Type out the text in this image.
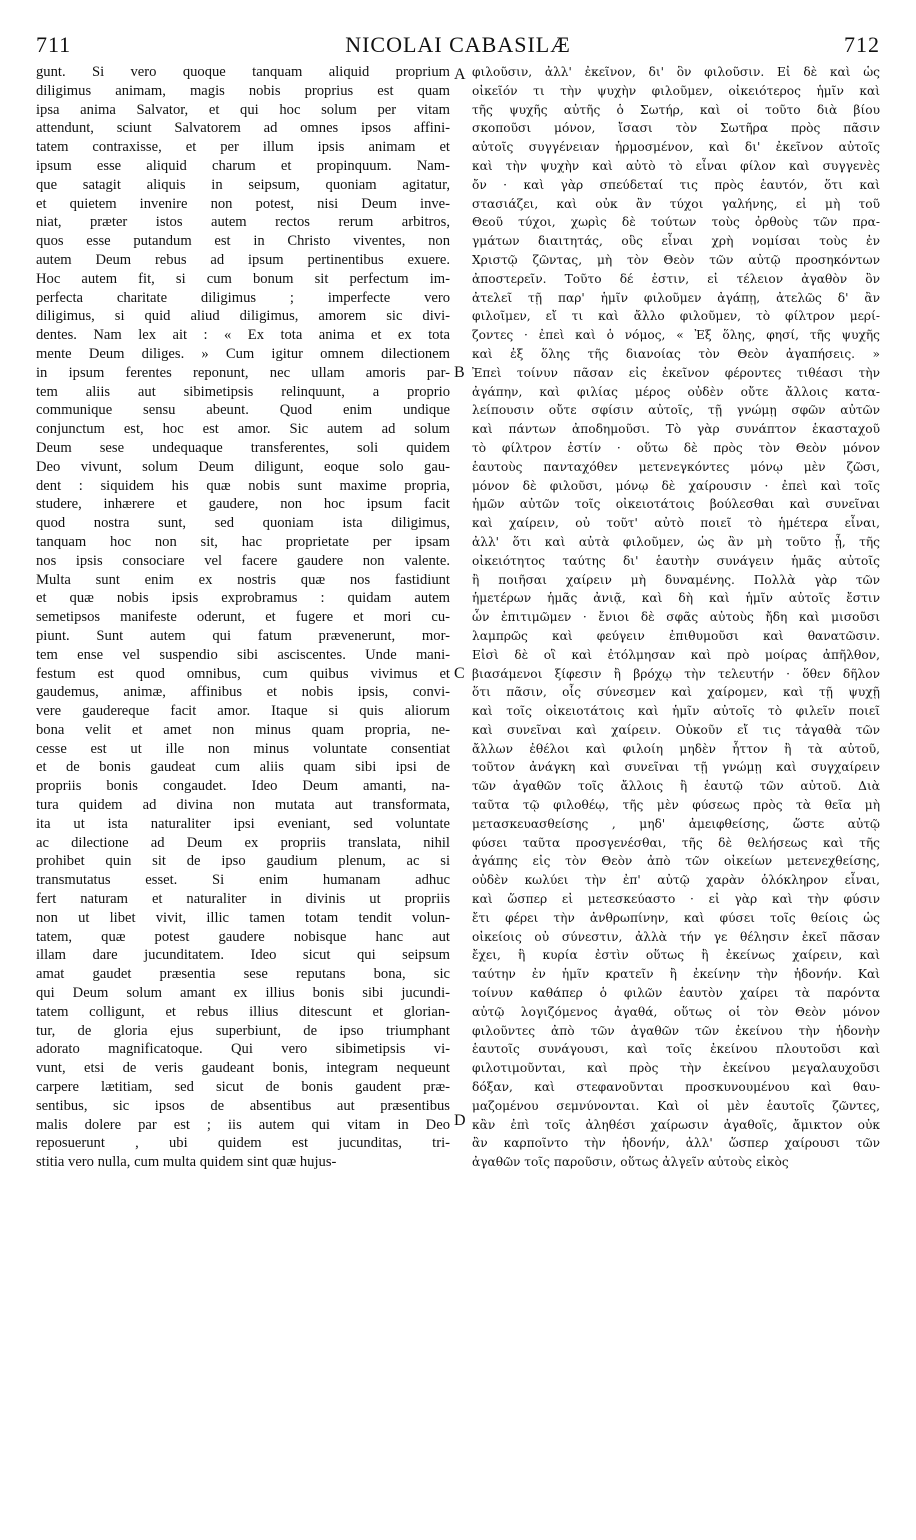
711	NICOLAI CABASILÆ	712
gunt. Si vero quoque tanquam aliquid proprium
diligimus animam, magis nobis proprius est quam
ipsa anima Salvator, et qui hoc solum per vitam
attendunt, sciunt Salvatorem ad omnes ipsos affini-
tatem contraxisse, et per illum ipsis animam et
ipsum esse aliquid charum et propinquum. Nam-
que satagit aliquis in seipsum, quoniam agitatur,
et quietem invenire non potest, nisi Deum inve-
niat, præter istos autem rectos rerum arbitros,
quos esse putandum est in Christo viventes, non
autem Deum rebus ad ipsum pertinentibus exuere.
Hoc autem fit, si cum bonum sit perfectum im-
perfecta charitate diligimus ; imperfecte vero
diligimus, si quid aliud diligimus, amorem sic divi-
dentes. Nam lex ait : « Ex tota anima et ex tota
mente Deum diliges. » Cum igitur omnem dilectionem
in ipsum ferentes reponunt, nec ullam amoris par-
tem aliis aut sibimetipsis relinquunt, a proprio
communique sensu abeunt. Quod enim undique
conjunctum est, hoc est amor. Sic autem ad solum
Deum sese undequaque transferentes, soli quidem
Deo vivunt, solum Deum diligunt, eoque solo gau-
dent : siquidem his quæ nobis sunt maxime propria,
studere, inhærere et gaudere, non hoc ipsum facit
quod nostra sunt, sed quoniam ista diligimus,
tanquam hoc non sit, hac proprietate per ipsam
nos ipsis consociare vel facere gaudere non valente.
Multa sunt enim ex nostris quæ nos fastidiunt
et quæ nobis ipsis exprobramus : quidam autem
semetipsos manifeste oderunt, et fugere et mori cu-
piunt. Sunt autem qui fatum prævenerunt, mor-
tem ense vel suspendio sibi asciscentes. Unde mani-
festum est quod omnibus, cum quibus vivimus et
gaudemus, animæ, affinibus et nobis ipsis, convi-
vere gaudereque facit amor. Itaque si quis aliorum
bona velit et amet non minus quam propria, ne-
cesse est ut ille non minus voluntate consentiat
et de bonis gaudeat cum aliis quam sibi ipsi de
propriis bonis congaudet. Ideo Deum amanti, na-
tura quidem ad divina non mutata aut transformata,
ita ut ista naturaliter ipsi eveniant, sed voluntate
ac dilectione ad Deum ex propriis translata, nihil
prohibet quin sit de ipso gaudium plenum, ac si
transmutatus esset. Si enim humanam adhuc
fert naturam et naturaliter in divinis ut propriis
non ut libet vivit, illic tamen totam tendit volun-
tatem, quæ potest gaudere nobisque hanc aut
illam dare jucunditatem. Ideo sicut qui seipsum
amat gaudet præsentia sese reputans bona, sic
qui Deum solum amant ex illius bonis sibi jucundi-
tatem colligunt, et rebus illius ditescunt et glorian-
tur, de gloria ejus superbiunt, de ipso triumphant
adorato magnificatoque. Qui vero sibimetipsis vi-
vunt, etsi de veris gaudeant bonis, integram nequeunt
carpere lætitiam, sed sicut de bonis gaudent præ-
sentibus, sic ipsos de absentibus aut præsentibus
malis dolere par est ; iis autem qui vitam in Deo
reposuerunt , ubi quidem est jucunditas, tri-
stitia vero nulla, cum multa quidem sint quæ hujus-
φιλοῦσιν, ἀλλ' ἐκεῖνον, δι' ὃν φιλοῦσιν. Εἰ δὲ καὶ ὡς
οἰκεῖόν τι τὴν ψυχὴν φιλοῦμεν, οἰκειότερος ἡμῖν καὶ
τῆς ψυχῆς αὐτῆς ὁ Σωτήρ, καὶ οἱ τοῦτο διὰ βίου
σκοποῦσι μόνον, ἴσασι τὸν Σωτῆρα πρὸς πᾶσιν
αὐτοῖς συγγένειαν ἡρμοσμένον, καὶ δι' ἐκεῖνον αὐτοῖς
καὶ τὴν ψυχὴν καὶ αὐτὸ τὸ εἶναι φίλον καὶ συγγενὲς
ὄν · καὶ γὰρ σπεύδεταί τις πρὸς ἑαυτόν, ὅτι καὶ
στασιάζει, καὶ οὐκ ἂν τύχοι γαλήνης, εἰ μὴ τοῦ
Θεοῦ τύχοι, χωρὶς δὲ τούτων τοὺς ὀρθοὺς τῶν πρα-
γμάτων διαιτητάς, οὓς εἶναι χρὴ νομίσαι τοὺς ἐν
Χριστῷ ζῶντας, μὴ τὸν Θεὸν τῶν αὐτῷ προσηκόντων
ἀποστερεῖν. Τοῦτο δέ ἐστιν, εἰ τέλειον ἀγαθὸν ὂν
ἀτελεῖ τῇ παρ' ἡμῖν φιλοῦμεν ἀγάπῃ, ἀτελῶς δ' ἂν
φιλοῖμεν, εἴ τι καὶ ἄλλο φιλοῦμεν, τὸ φίλτρον μερί-
ζοντες · ἐπεὶ καὶ ὁ νόμος, « Ἐξ ὅλης, φησί, τῆς ψυχῆς
καὶ ἐξ ὅλης τῆς διανοίας τὸν Θεὸν ἀγαπήσεις. »
Ἐπεὶ τοίνυν πᾶσαν εἰς ἐκεῖνον φέροντες τιθέασι τὴν
ἀγάπην, καὶ φιλίας μέρος οὐδὲν οὔτε ἄλλοις κατα-
λείπουσιν οὔτε σφίσιν αὐτοῖς, τῇ γνώμῃ σφῶν αὐτῶν
καὶ πάντων ἀποδημοῦσι. Τὸ γὰρ συνάπτον ἑκασταχοῦ
τὸ φίλτρον ἐστίν · οὕτω δὲ πρὸς τὸν Θεὸν μόνον
ἑαυτοὺς πανταχόθεν μετενεγκόντες μόνῳ μὲν ζῶσι,
μόνον δὲ φιλοῦσι, μόνῳ δὲ χαίρουσιν · ἐπεὶ καὶ τοῖς
ἡμῶν αὐτῶν τοῖς οἰκειοτάτοις βούλεσθαι καὶ συνεῖναι
καὶ χαίρειν, οὐ τοῦτ' αὐτὸ ποιεῖ τὸ ἡμέτερα εἶναι,
ἀλλ' ὅτι καὶ αὐτὰ φιλοῦμεν, ὡς ἂν μὴ τοῦτο ᾖ, τῆς
οἰκειότητος ταύτης δι' ἑαυτὴν συνάγειν ἡμᾶς αὐτοῖς
ἢ ποιῆσαι χαίρειν μὴ δυναμένης. Πολλὰ γὰρ τῶν
ἡμετέρων ἡμᾶς ἀνιᾷ, καὶ δὴ καὶ ἡμῖν αὐτοῖς ἔστιν
ὧν ἐπιτιμῶμεν · ἔνιοι δὲ σφᾶς αὐτοὺς ἤδη καὶ μισοῦσι
λαμπρῶς καὶ φεύγειν ἐπιθυμοῦσι καὶ θανατῶσιν.
Εἰσὶ δὲ οἳ καὶ ἐτόλμησαν καὶ πρὸ μοίρας ἀπῆλθον,
βιασάμενοι ξίφεσιν ἢ βρόχῳ τὴν τελευτήν · ὅθεν δῆλον
ὅτι πᾶσιν, οἷς σύνεσμεν καὶ χαίρομεν, καὶ τῇ ψυχῇ
καὶ τοῖς οἰκειοτάτοις καὶ ἡμῖν αὐτοῖς τὸ φιλεῖν ποιεῖ
καὶ συνεῖναι καὶ χαίρειν. Οὐκοῦν εἴ τις τἀγαθὰ τῶν
ἄλλων ἐθέλοι καὶ φιλοίη μηδὲν ἧττον ἢ τὰ αὐτοῦ,
τοῦτον ἀνάγκη καὶ συνεῖναι τῇ γνώμῃ καὶ συγχαίρειν
τῶν ἀγαθῶν τοῖς ἄλλοις ἢ ἑαυτῷ τῶν αὐτοῦ. Διὰ
ταῦτα τῷ φιλοθέῳ, τῆς μὲν φύσεως πρὸς τὰ θεῖα μὴ
μετασκευασθείσης , μηδ' ἀμειφθείσης, ὥστε αὐτῷ
φύσει ταῦτα προσγενέσθαι, τῆς δὲ θελήσεως καὶ τῆς
ἀγάπης εἰς τὸν Θεὸν ἀπὸ τῶν οἰκείων μετενεχθείσης,
οὐδὲν κωλύει τὴν ἐπ' αὐτῷ χαρὰν ὁλόκληρον εἶναι,
καὶ ὥσπερ εἰ μετεσκεύαστο · εἰ γὰρ καὶ τὴν φύσιν
ἔτι φέρει τὴν ἀνθρωπίνην, καὶ φύσει τοῖς θείοις ὡς
οἰκείοις οὐ σύνεστιν, ἀλλὰ τήν γε θέλησιν ἐκεῖ πᾶσαν
ἔχει, ἣ κυρία ἐστὶν οὕτως ἢ ἐκείνως χαίρειν, καὶ
ταύτην ἐν ἡμῖν κρατεῖν ἢ ἐκείνην τὴν ἡδονήν. Καὶ
τοίνυν καθάπερ ὁ φιλῶν ἑαυτὸν χαίρει τὰ παρόντα
αὐτῷ λογιζόμενος ἀγαθά, οὕτως οἱ τὸν Θεὸν μόνον
φιλοῦντες ἀπὸ τῶν ἀγαθῶν τῶν ἐκείνου τὴν ἡδονὴν
ἑαυτοῖς συνάγουσι, καὶ τοῖς ἐκείνου πλουτοῦσι καὶ
φιλοτιμοῦνται, καὶ πρὸς τὴν ἐκείνου μεγαλαυχοῦσι
δόξαν, καὶ στεφανοῦνται προσκυνουμένου καὶ θαυ-
μαζομένου σεμνύνονται. Καὶ οἱ μὲν ἑαυτοῖς ζῶντες,
κἂν ἐπὶ τοῖς ἀληθέσι χαίρωσιν ἀγαθοῖς, ἄμικτον οὐκ
ἂν καρποῖντο τὴν ἡδονήν, ἀλλ' ὥσπερ χαίρουσι τῶν
ἀγαθῶν τοῖς παροῦσιν, οὕτως ἀλγεῖν αὐτοὺς εἰκὸς
A
B
C
D
